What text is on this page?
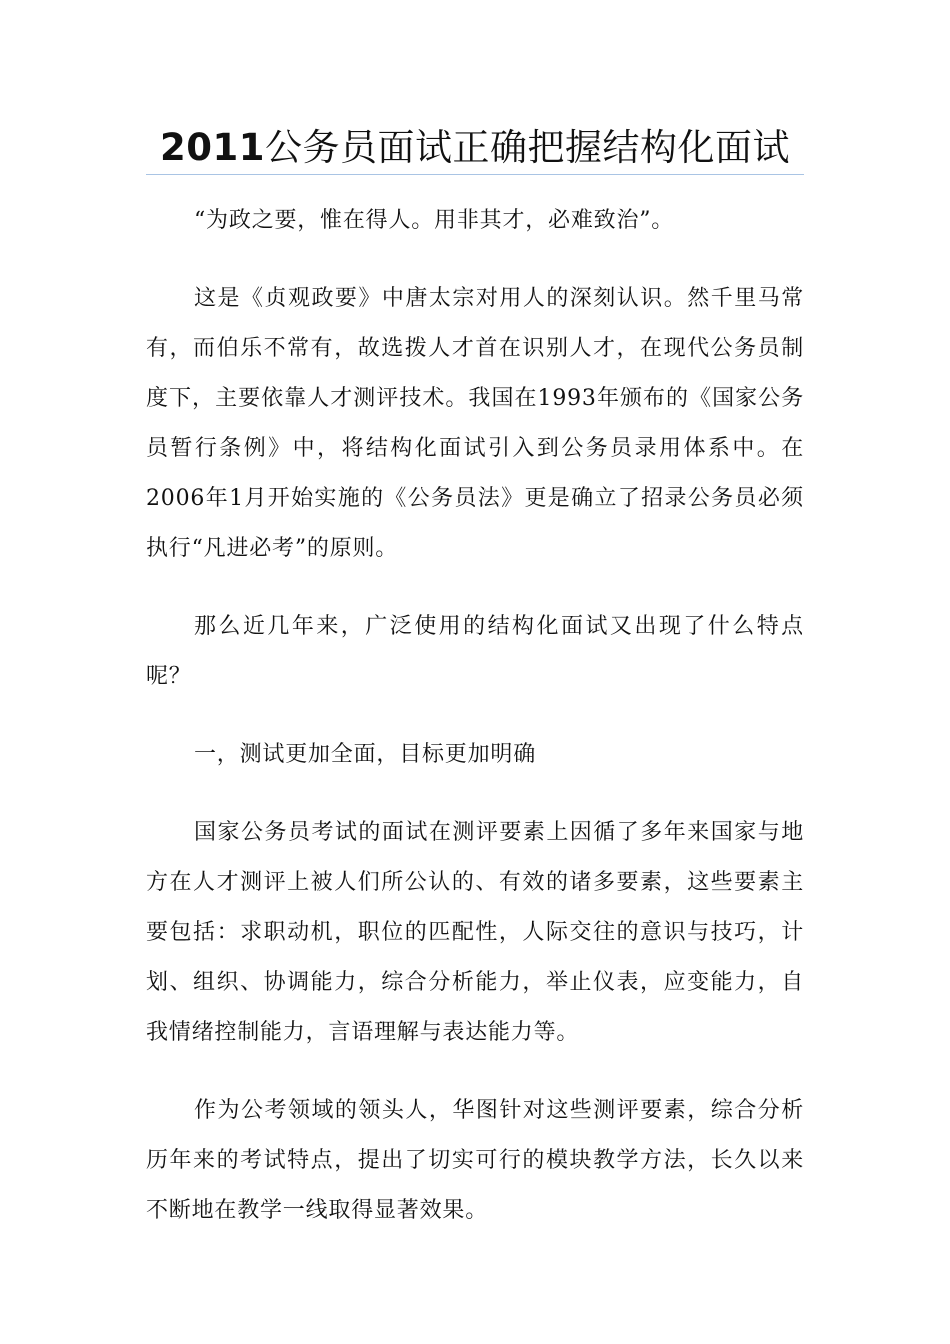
2011公务员面试正确把握结构化面试

“为政之要，惟在得人。用非其才，必难致治”。

这是《贞观政要》中唐太宗对用人的深刻认识。然千里马常有，而伯乐不常有，故选拨人才首在识别人才，在现代公务员制度下，主要依靠人才测评技术。我国在1993年颁布的《国家公务员暂行条例》中，将结构化面试引入到公务员录用体系中。在2006年1月开始实施的《公务员法》更是确立了招录公务员必须执行“凡进必考”的原则。

那么近几年来，广泛使用的结构化面试又出现了什么特点呢？

一，测试更加全面，目标更加明确

国家公务员考试的面试在测评要素上因循了多年来国家与地方在人才测评上被人们所公认的、有效的诸多要素，这些要素主要包括：求职动机，职位的匹配性，人际交往的意识与技巧，计划、组织、协调能力，综合分析能力，举止仪表，应变能力，自我情绪控制能力，言语理解与表达能力等。

作为公考领域的领头人，华图针对这些测评要素，综合分析历年来的考试特点，提出了切实可行的模块教学方法，长久以来不断地在教学一线取得显著效果。
